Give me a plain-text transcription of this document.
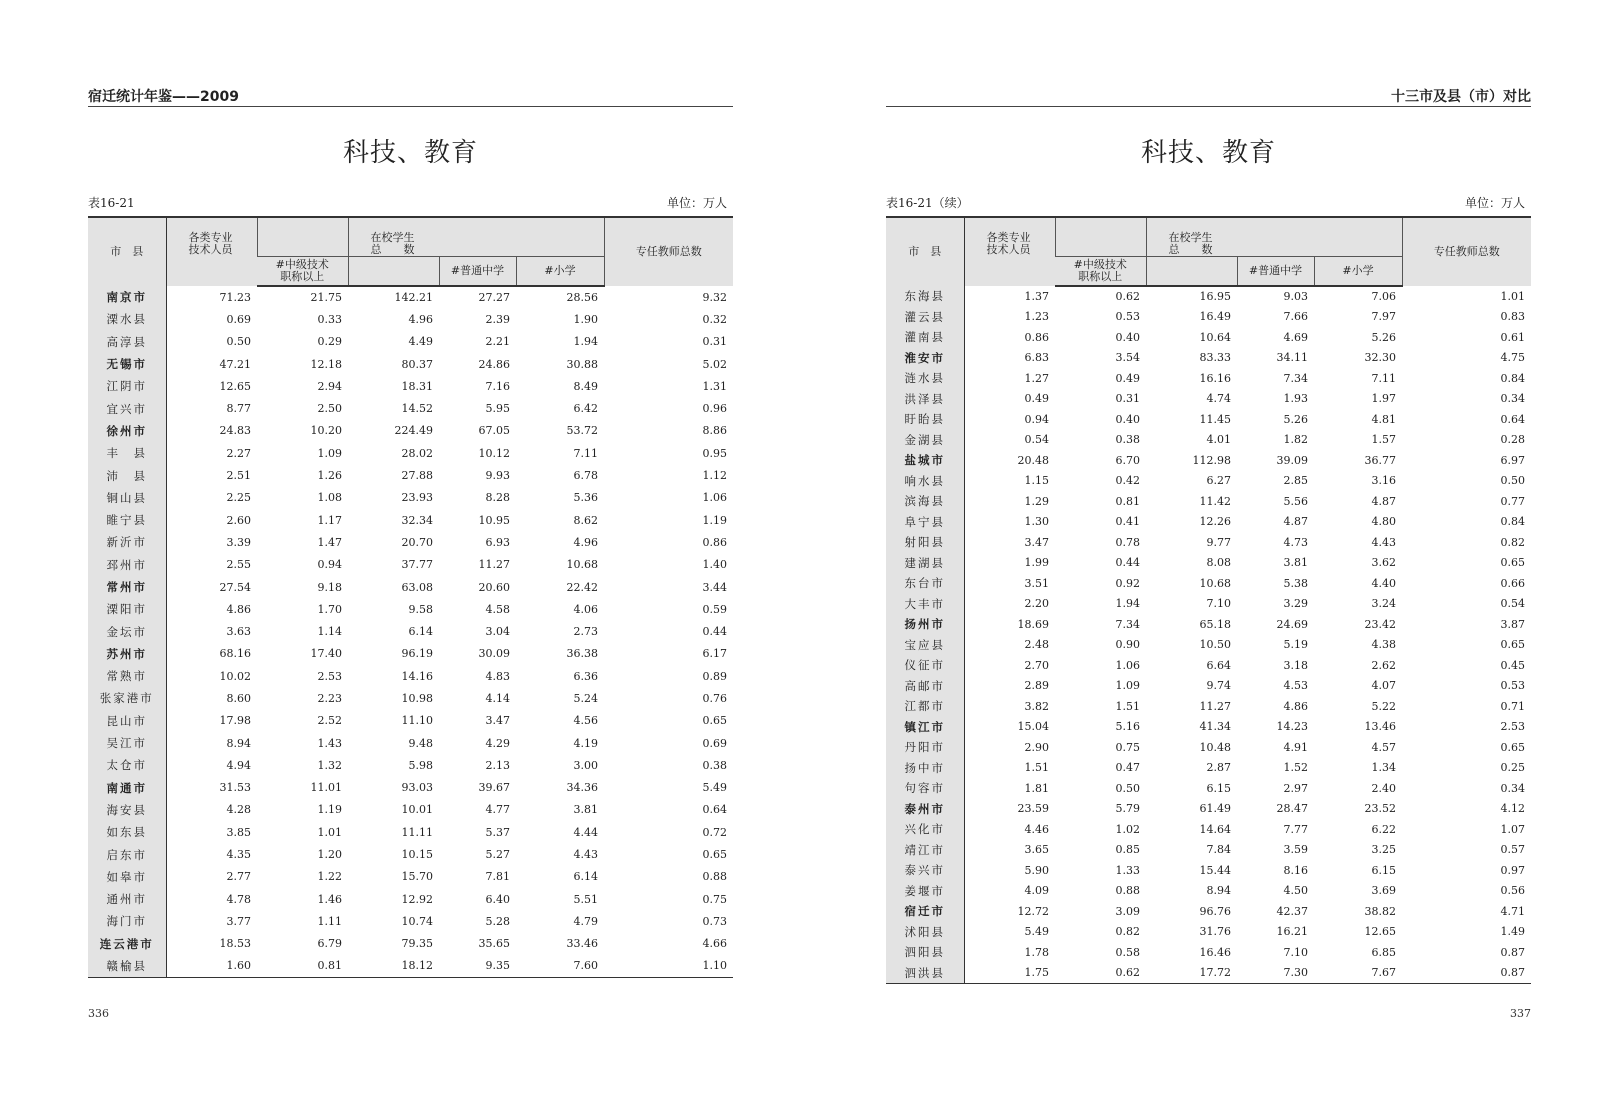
宿迁统计年鉴——2009
科技、教育
表16-21	单位：万人
市　县	各类专业
技术人员		在校学生
总　　数			专任教师总数
		#中级技术
职称以上		#普通中学	#小学	
南京市	71.23	21.75	142.21	27.27	28.56	9.32
溧水县	0.69	0.33	4.96	2.39	1.90	0.32
高淳县	0.50	0.29	4.49	2.21	1.94	0.31
无锡市	47.21	12.18	80.37	24.86	30.88	5.02
江阴市	12.65	2.94	18.31	7.16	8.49	1.31
宜兴市	8.77	2.50	14.52	5.95	6.42	0.96
徐州市	24.83	10.20	224.49	67.05	53.72	8.86
丰　县	2.27	1.09	28.02	10.12	7.11	0.95
沛　县	2.51	1.26	27.88	9.93	6.78	1.12
铜山县	2.25	1.08	23.93	8.28	5.36	1.06
睢宁县	2.60	1.17	32.34	10.95	8.62	1.19
新沂市	3.39	1.47	20.70	6.93	4.96	0.86
邳州市	2.55	0.94	37.77	11.27	10.68	1.40
常州市	27.54	9.18	63.08	20.60	22.42	3.44
溧阳市	4.86	1.70	9.58	4.58	4.06	0.59
金坛市	3.63	1.14	6.14	3.04	2.73	0.44
苏州市	68.16	17.40	96.19	30.09	36.38	6.17
常熟市	10.02	2.53	14.16	4.83	6.36	0.89
张家港市	8.60	2.23	10.98	4.14	5.24	0.76
昆山市	17.98	2.52	11.10	3.47	4.56	0.65
吴江市	8.94	1.43	9.48	4.29	4.19	0.69
太仓市	4.94	1.32	5.98	2.13	3.00	0.38
南通市	31.53	11.01	93.03	39.67	34.36	5.49
海安县	4.28	1.19	10.01	4.77	3.81	0.64
如东县	3.85	1.01	11.11	5.37	4.44	0.72
启东市	4.35	1.20	10.15	5.27	4.43	0.65
如皋市	2.77	1.22	15.70	7.81	6.14	0.88
通州市	4.78	1.46	12.92	6.40	5.51	0.75
海门市	3.77	1.11	10.74	5.28	4.79	0.73
连云港市	18.53	6.79	79.35	35.65	33.46	4.66
赣榆县	1.60	0.81	18.12	9.35	7.60	1.10
336
十三市及县（市）对比
科技、教育
表16-21（续）	单位：万人
市　县	各类专业
技术人员		在校学生
总　　数			专任教师总数
		#中级技术
职称以上		#普通中学	#小学	
东海县	1.37	0.62	16.95	9.03	7.06	1.01
灌云县	1.23	0.53	16.49	7.66	7.97	0.83
灌南县	0.86	0.40	10.64	4.69	5.26	0.61
淮安市	6.83	3.54	83.33	34.11	32.30	4.75
涟水县	1.27	0.49	16.16	7.34	7.11	0.84
洪泽县	0.49	0.31	4.74	1.93	1.97	0.34
盱眙县	0.94	0.40	11.45	5.26	4.81	0.64
金湖县	0.54	0.38	4.01	1.82	1.57	0.28
盐城市	20.48	6.70	112.98	39.09	36.77	6.97
响水县	1.15	0.42	6.27	2.85	3.16	0.50
滨海县	1.29	0.81	11.42	5.56	4.87	0.77
阜宁县	1.30	0.41	12.26	4.87	4.80	0.84
射阳县	3.47	0.78	9.77	4.73	4.43	0.82
建湖县	1.99	0.44	8.08	3.81	3.62	0.65
东台市	3.51	0.92	10.68	5.38	4.40	0.66
大丰市	2.20	1.94	7.10	3.29	3.24	0.54
扬州市	18.69	7.34	65.18	24.69	23.42	3.87
宝应县	2.48	0.90	10.50	5.19	4.38	0.65
仪征市	2.70	1.06	6.64	3.18	2.62	0.45
高邮市	2.89	1.09	9.74	4.53	4.07	0.53
江都市	3.82	1.51	11.27	4.86	5.22	0.71
镇江市	15.04	5.16	41.34	14.23	13.46	2.53
丹阳市	2.90	0.75	10.48	4.91	4.57	0.65
扬中市	1.51	0.47	2.87	1.52	1.34	0.25
句容市	1.81	0.50	6.15	2.97	2.40	0.34
泰州市	23.59	5.79	61.49	28.47	23.52	4.12
兴化市	4.46	1.02	14.64	7.77	6.22	1.07
靖江市	3.65	0.85	7.84	3.59	3.25	0.57
泰兴市	5.90	1.33	15.44	8.16	6.15	0.97
姜堰市	4.09	0.88	8.94	4.50	3.69	0.56
宿迁市	12.72	3.09	96.76	42.37	38.82	4.71
沭阳县	5.49	0.82	31.76	16.21	12.65	1.49
泗阳县	1.78	0.58	16.46	7.10	6.85	0.87
泗洪县	1.75	0.62	17.72	7.30	7.67	0.87
337
